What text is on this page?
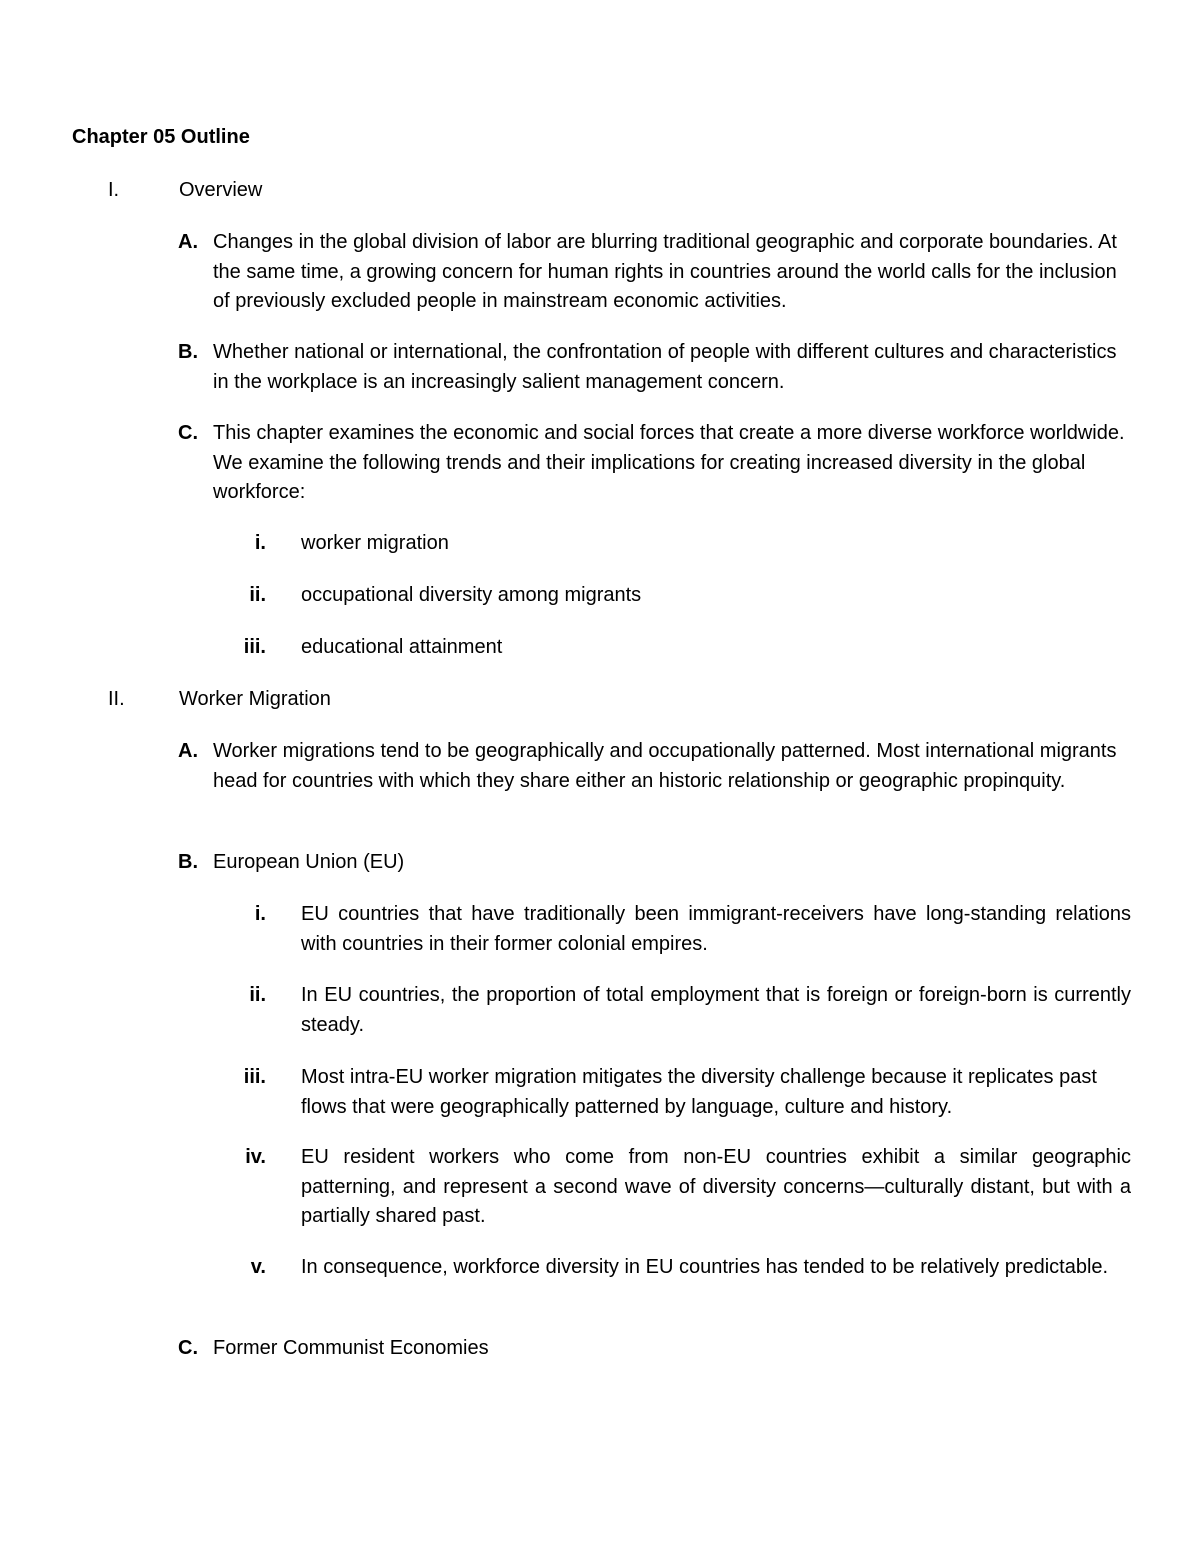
Chapter 05 Outline
I.	Overview
A. Changes in the global division of labor are blurring traditional geographic and corporate boundaries. At the same time, a growing concern for human rights in countries around the world calls for the inclusion of previously excluded people in mainstream economic activities.
B. Whether national or international, the confrontation of people with different cultures and characteristics in the workplace is an increasingly salient management concern.
C. This chapter examines the economic and social forces that create a more diverse workforce worldwide. We examine the following trends and their implications for creating increased diversity in the global workforce:
i. worker migration
ii. occupational diversity among migrants
iii. educational attainment
II.	Worker Migration
A. Worker migrations tend to be geographically and occupationally patterned. Most international migrants head for countries with which they share either an historic relationship or geographic propinquity.
B. European Union (EU)
i. EU countries that have traditionally been immigrant-receivers have long-standing relations with countries in their former colonial empires.
ii. In EU countries, the proportion of total employment that is foreign or foreign-born is currently steady.
iii. Most intra-EU worker migration mitigates the diversity challenge because it replicates past flows that were geographically patterned by language, culture and history.
iv. EU resident workers who come from non-EU countries exhibit a similar geographic patterning, and represent a second wave of diversity concerns—culturally distant, but with a partially shared past.
v. In consequence, workforce diversity in EU countries has tended to be relatively predictable.
C. Former Communist Economies
